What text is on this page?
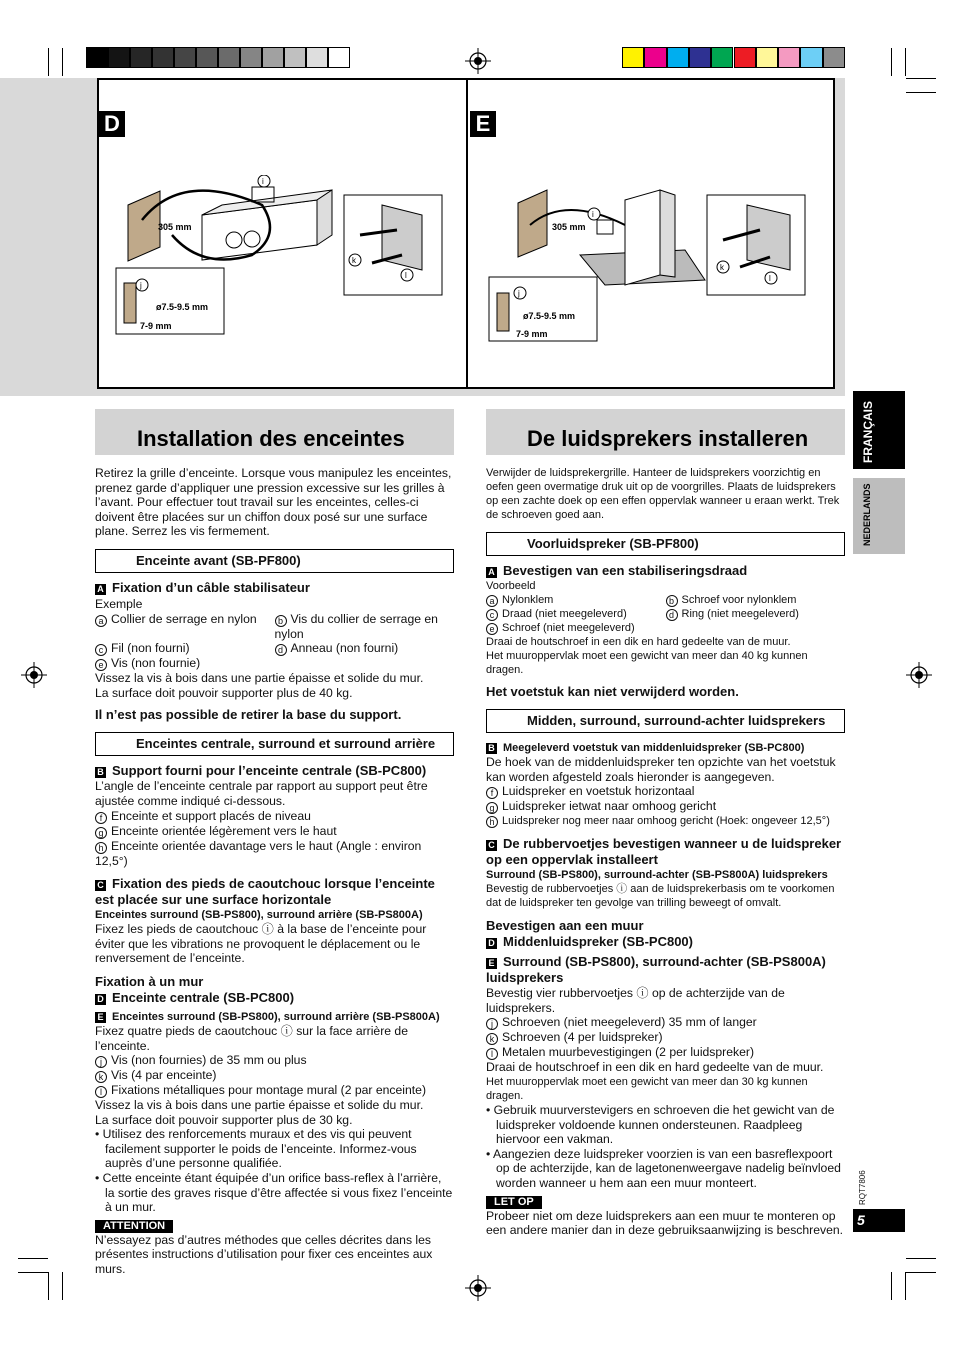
D	E
i
305 mm
j
ø7.5-9.5 mm
7-9 mm
k
l
i
305 mm
j
ø7.5-9.5 mm
7-9 mm
k
l
Installation des enceintes	De luidsprekers installeren

Retirez la grille d’enceinte. Lorsque vous manipulez les enceintes, prenez garde d’appliquer une pression excessive sur les grilles à l’avant. Pour effectuer tout travail sur les enceintes, celles-ci doivent être placées sur un chiffon doux posé sur une surface plane. Serrez les vis fermement.

Enceinte avant (SB-PF800)

A Fixation d’un câble stabilisateur

Exemple

a Collier de serrage en nylon	b Vis du collier de serrage en nylon
c Fil (non fourni)	d Anneau (non fourni)

e Vis (non fournie)

Vissez la vis à bois dans une partie épaisse et solide du mur.

La surface doit pouvoir supporter plus de 40 kg.

Il n’est pas possible de retirer la base du support.

Enceintes centrale, surround et surround arrière

B Support fourni pour l’enceinte centrale (SB-PC800)

L’angle de l’enceinte centrale par rapport au support peut être ajustée comme indiqué ci-dessous.

f Enceinte et support placés de niveau

g Enceinte orientée légèrement vers le haut

h Enceinte orientée davantage vers le haut (Angle : environ 12,5°)

C Fixation des pieds de caoutchouc lorsque l’enceinte est placée sur une surface horizontale

Enceintes surround (SB-PS800), surround arrière (SB-PS800A)

Fixez les pieds de caoutchouc ⓘ à la base de l’enceinte pour éviter que les vibrations ne provoquent le déplacement ou le renversement de l’enceinte.

Fixation à un mur

D Enceinte centrale (SB-PC800)

E Enceintes surround (SB-PS800), surround arrière (SB-PS800A)

Fixez quatre pieds de caoutchouc ⓘ sur la face arrière de l’enceinte.

j Vis (non fournies) de 35 mm ou plus

k Vis (4 par enceinte)

l Fixations métalliques pour montage mural (2 par enceinte)

Vissez la vis à bois dans une partie épaisse et solide du mur.

La surface doit pouvoir supporter plus de 30 kg.

• Utilisez des renforcements muraux et des vis qui peuvent facilement supporter le poids de l’enceinte. Informez-vous auprès d’une personne qualifiée.

• Cette enceinte étant équipée d’un orifice bass-reflex à l’arrière, la sortie des graves risque d’être affectée si vous fixez l’enceinte à un mur.

ATTENTION

N’essayez pas d’autres méthodes que celles décrites dans les présentes instructions d’utilisation pour fixer ces enceintes aux murs.

Verwijder de luidsprekergrille. Hanteer de luidsprekers voorzichtig en oefen geen overmatige druk uit op de voorgrilles. Plaats de luidsprekers op een zachte doek op een effen oppervlak wanneer u eraan werkt. Trek de schroeven goed aan.

Voorluidspreker (SB-PF800)

A Bevestigen van een stabiliseringsdraad

Voorbeeld

a Nylonklem	b Schroef voor nylonklem
c Draad (niet meegeleverd)	d Ring (niet meegeleverd)

e Schroef (niet meegeleverd)

Draai de houtschroef in een dik en hard gedeelte van de muur.

Het muuroppervlak moet een gewicht van meer dan 40 kg kunnen dragen.

Het voetstuk kan niet verwijderd worden.

Midden, surround, surround-achter luidsprekers

B Meegeleverd voetstuk van middenluidspreker (SB-PC800)

De hoek van de middenluidspreker ten opzichte van het voetstuk kan worden afgesteld zoals hieronder is aangegeven.

f Luidspreker en voetstuk horizontaal

g Luidspreker ietwat naar omhoog gericht

h Luidspreker nog meer naar omhoog gericht (Hoek: ongeveer 12,5°)

C De rubbervoetjes bevestigen wanneer u de luidspreker op een oppervlak installeert

Surround (SB-PS800), surround-achter (SB-PS800A) luidsprekers

Bevestig de rubbervoetjes ⓘ aan de luidsprekerbasis om te voorkomen dat de luidspreker ten gevolge van trilling beweegt of omvalt.

Bevestigen aan een muur

D Middenluidspreker (SB-PC800)

E Surround (SB-PS800), surround-achter (SB-PS800A) luidsprekers

Bevestig vier rubbervoetjes ⓘ op de achterzijde van de luidsprekers.

j Schroeven (niet meegeleverd) 35 mm of langer

k Schroeven (4 per luidspreker)

l Metalen muurbevestigingen (2 per luidspreker)

Draai de houtschroef in een dik en hard gedeelte van de muur.

Het muuroppervlak moet een gewicht van meer dan 30 kg kunnen dragen.

• Gebruik muurverstevigers en schroeven die het gewicht van de luidspreker voldoende kunnen ondersteunen. Raadpleeg hiervoor een vakman.

• Aangezien deze luidspreker voorzien is van een basreflexpoort op de achterzijde, kan de lagetonenweergave nadelig beïnvloed worden wanneer u hem aan een muur monteert.

LET OP

Probeer niet om deze luidsprekers aan een muur te monteren op een andere manier dan in deze gebruiksaanwijzing is beschreven.

FRANÇAIS
NEDERLANDS
RQT7806
5
